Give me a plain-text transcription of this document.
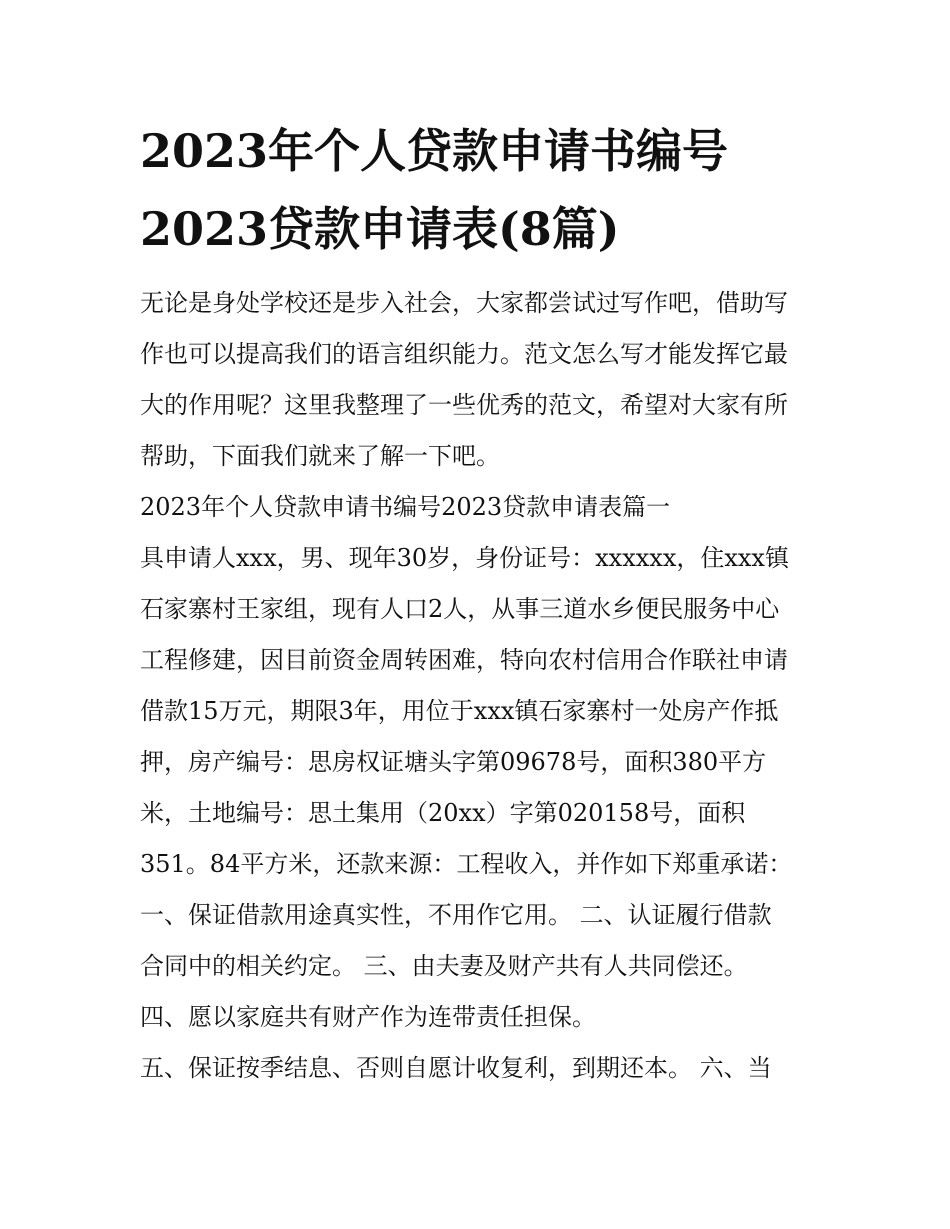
2023年个人贷款申请书编号
2023贷款申请表(8篇)

无论是身处学校还是步入社会，大家都尝试过写作吧，借助写
作也可以提高我们的语言组织能力。范文怎么写才能发挥它最
大的作用呢？这里我整理了一些优秀的范文，希望对大家有所
帮助，下面我们就来了解一下吧。

2023年个人贷款申请书编号2023贷款申请表篇一

具申请人xxx，男、现年30岁，身份证号：xxxxxx，住xxx镇
石家寨村王家组，现有人口2人，从事三道水乡便民服务中心
工程修建，因目前资金周转困难，特向农村信用合作联社申请
借款15万元，期限3年，用位于xxx镇石家寨村一处房产作抵
押，房产编号：思房权证塘头字第09678号，面积380平方
米，土地编号：思土集用（20xx）字第020158号，面积
351。84平方米，还款来源：工程收入，并作如下郑重承诺：
一、保证借款用途真实性，不用作它用。 二、认证履行借款
合同中的相关约定。 三、由夫妻及财产共有人共同偿还。
四、愿以家庭共有财产作为连带责任担保。
五、保证按季结息、否则自愿计收复利，到期还本。 六、当
